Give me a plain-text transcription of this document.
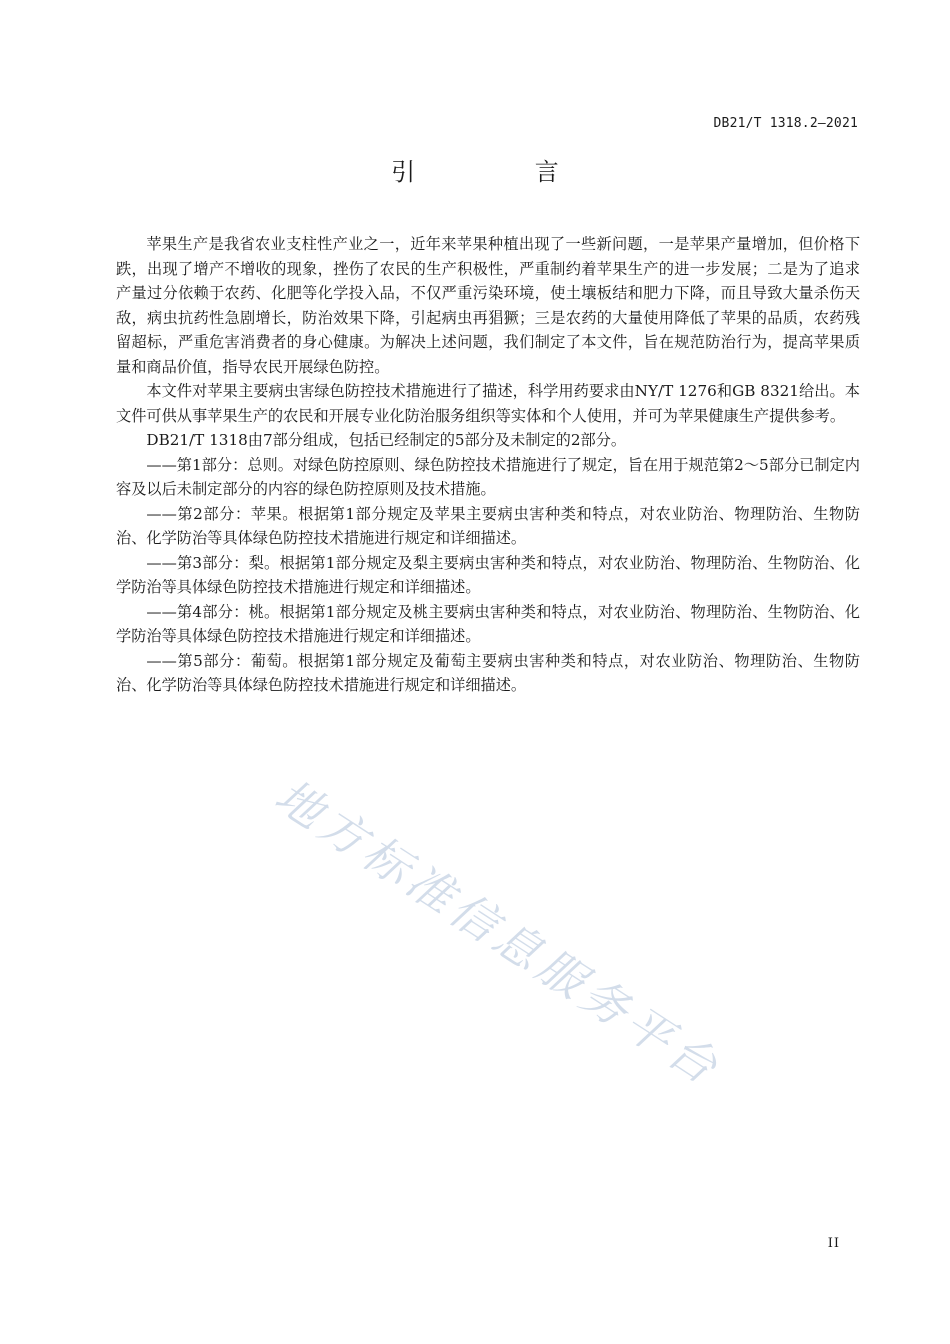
DB21/T 1318.2—2021
引 言

苹果生产是我省农业支柱性产业之一，近年来苹果种植出现了一些新问题，一是苹果产量增加，但价格下跌，出现了增产不增收的现象，挫伤了农民的生产积极性，严重制约着苹果生产的进一步发展；二是为了追求产量过分依赖于农药、化肥等化学投入品，不仅严重污染环境，使土壤板结和肥力下降，而且导致大量杀伤天敌，病虫抗药性急剧增长，防治效果下降，引起病虫再猖獗；三是农药的大量使用降低了苹果的品质，农药残留超标，严重危害消费者的身心健康。为解决上述问题，我们制定了本文件，旨在规范防治行为，提高苹果质量和商品价值，指导农民开展绿色防控。

本文件对苹果主要病虫害绿色防控技术措施进行了描述，科学用药要求由NY/T 1276和GB 8321给出。本文件可供从事苹果生产的农民和开展专业化防治服务组织等实体和个人使用，并可为苹果健康生产提供参考。

DB21/T 1318由7部分组成，包括已经制定的5部分及未制定的2部分。

——第1部分：总则。对绿色防控原则、绿色防控技术措施进行了规定，旨在用于规范第2～5部分已制定内容及以后未制定部分的内容的绿色防控原则及技术措施。

——第2部分：苹果。根据第1部分规定及苹果主要病虫害种类和特点，对农业防治、物理防治、生物防治、化学防治等具体绿色防控技术措施进行规定和详细描述。

——第3部分：梨。根据第1部分规定及梨主要病虫害种类和特点，对农业防治、物理防治、生物防治、化学防治等具体绿色防控技术措施进行规定和详细描述。

——第4部分：桃。根据第1部分规定及桃主要病虫害种类和特点，对农业防治、物理防治、生物防治、化学防治等具体绿色防控技术措施进行规定和详细描述。

——第5部分：葡萄。根据第1部分规定及葡萄主要病虫害种类和特点，对农业防治、物理防治、生物防治、化学防治等具体绿色防控技术措施进行规定和详细描述。

地方标准信息服务平台
II
